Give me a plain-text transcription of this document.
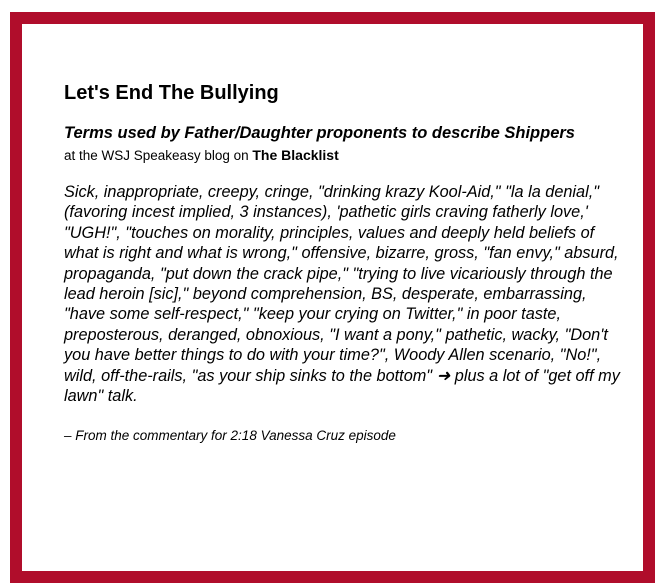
Let's End The Bullying
Terms used by Father/Daughter proponents to describe Shippers
at the WSJ Speakeasy blog on The Blacklist
Sick, inappropriate, creepy, cringe, "drinking krazy Kool-Aid," "la la denial," (favoring incest implied, 3 instances), 'pathetic girls craving fatherly love,' "UGH!", "touches on morality, principles, values and deeply held beliefs of what is right and what is wrong," offensive, bizarre, gross, "fan envy," absurd, propaganda, "put down the crack pipe," "trying to live vicariously through the lead heroin [sic]," beyond comprehension, BS, desperate, embarrassing, "have some self-respect," "keep your crying on Twitter," in poor taste, preposterous, deranged, obnoxious, "I want a pony," pathetic, wacky, "Don't you have better things to do with your time?", Woody Allen scenario, "No!", wild, off-the-rails, "as your ship sinks to the bottom" ➜ plus a lot of "get off my lawn" talk.
– From the commentary for 2:18 Vanessa Cruz episode
